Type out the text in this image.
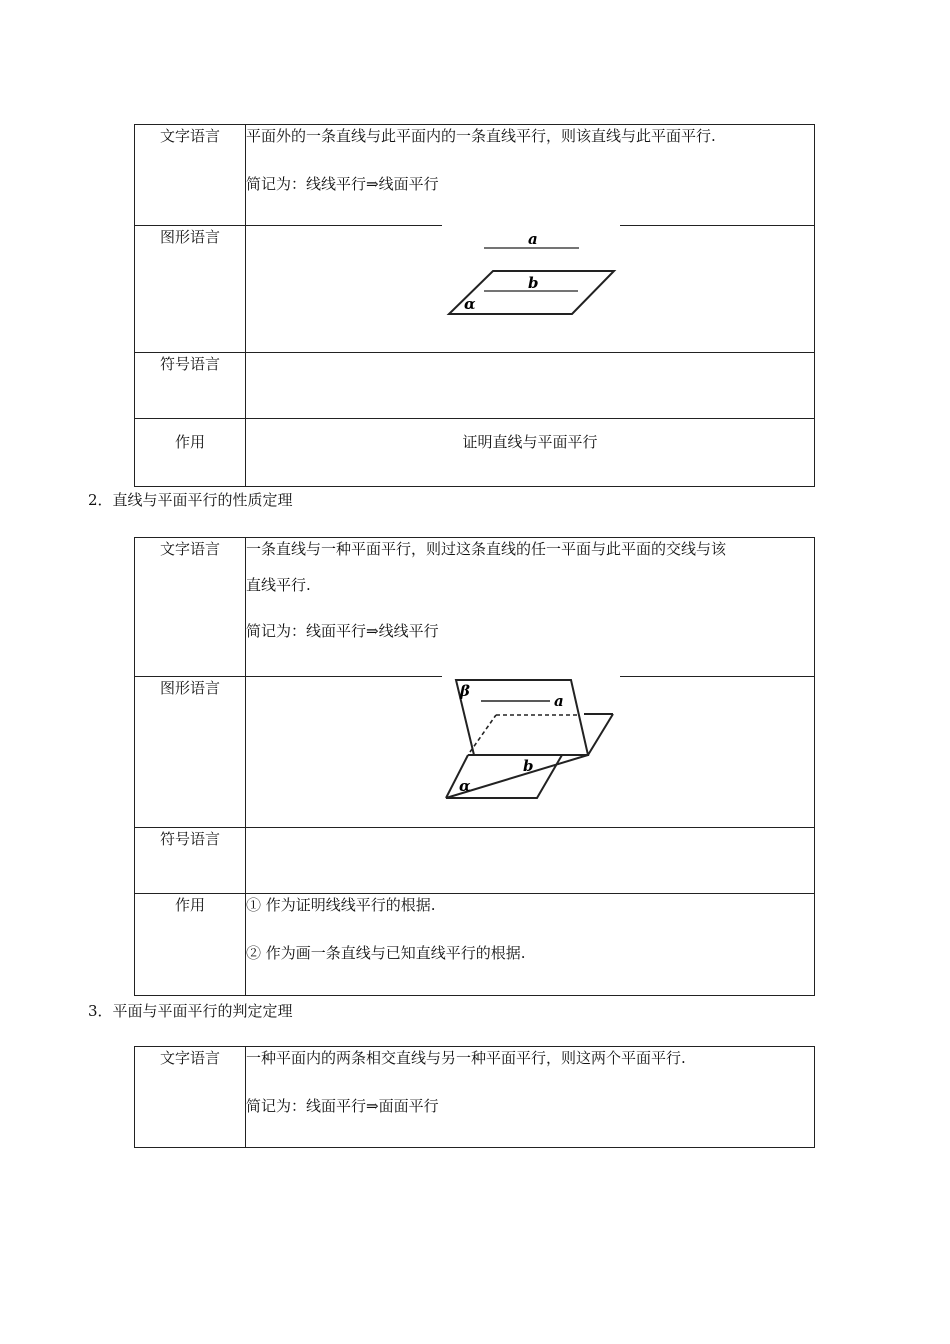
文字语言	平面外的一条直线与此平面内的一条直线平行，则该直线与此平面平行.

简记为：线线平行⇒线面平行

图形语言	a
b
α

符号语言	
作用	证明直线与平面平行
2．直线与平面平行的性质定理
文字语言	一条直线与一种平面平行，则过这条直线的任一平面与此平面的交线与该

直线平行.

简记为：线面平行⇒线线平行

图形语言	a
b
α
β

符号语言	
作用	① 作为证明线线平行的根据.

② 作为画一条直线与已知直线平行的根据.

3．平面与平面平行的判定定理
文字语言	一种平面内的两条相交直线与另一种平面平行，则这两个平面平行.

简记为：线面平行⇒面面平行
